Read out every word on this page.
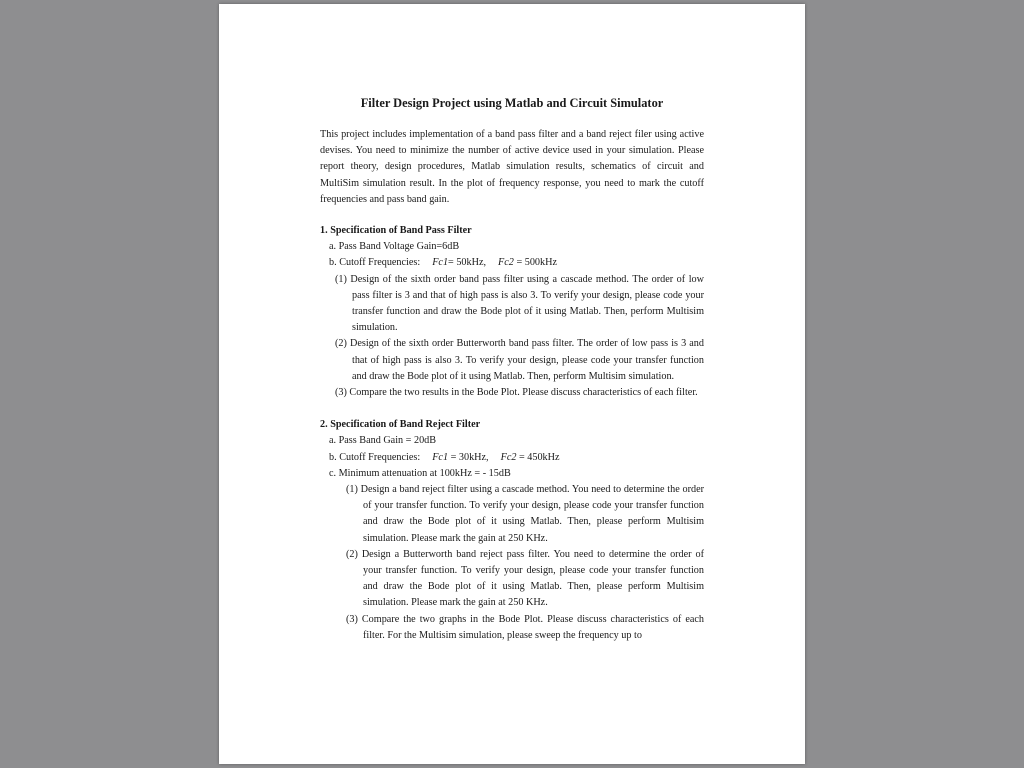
Filter Design Project using Matlab and Circuit Simulator

This project includes implementation of a band pass filter and a band reject filer using active devises. You need to minimize the number of active device used in your simulation. Please report theory, design procedures, Matlab simulation results, schematics of circuit and MultiSim simulation result. In the plot of frequency response, you need to mark the cutoff frequencies and pass band gain.

1. Specification of Band Pass Filter

a. Pass Band Voltage Gain=6dB

b. Cutoff Frequencies: Fc1= 50kHz, Fc2 = 500kHz

(1) Design of the sixth order band pass filter using a cascade method. The order of low pass filter is 3 and that of high pass is also 3. To verify your design, please code your transfer function and draw the Bode plot of it using Matlab. Then, perform Multisim simulation.

(2) Design of the sixth order Butterworth band pass filter. The order of low pass is 3 and that of high pass is also 3. To verify your design, please code your transfer function and draw the Bode plot of it using Matlab. Then, perform Multisim simulation.

(3) Compare the two results in the Bode Plot. Please discuss characteristics of each filter.

2. Specification of Band Reject Filter

a. Pass Band Gain = 20dB

b. Cutoff Frequencies: Fc1 = 30kHz, Fc2 = 450kHz

c. Minimum attenuation at 100kHz = - 15dB

(1) Design a band reject filter using a cascade method. You need to determine the order of your transfer function. To verify your design, please code your transfer function and draw the Bode plot of it using Matlab. Then, please perform Multisim simulation. Please mark the gain at 250 KHz.

(2) Design a Butterworth band reject pass filter. You need to determine the order of your transfer function. To verify your design, please code your transfer function and draw the Bode plot of it using Matlab. Then, please perform Multisim simulation. Please mark the gain at 250 KHz.

(3) Compare the two graphs in the Bode Plot. Please discuss characteristics of each filter. For the Multisim simulation, please sweep the frequency up to
